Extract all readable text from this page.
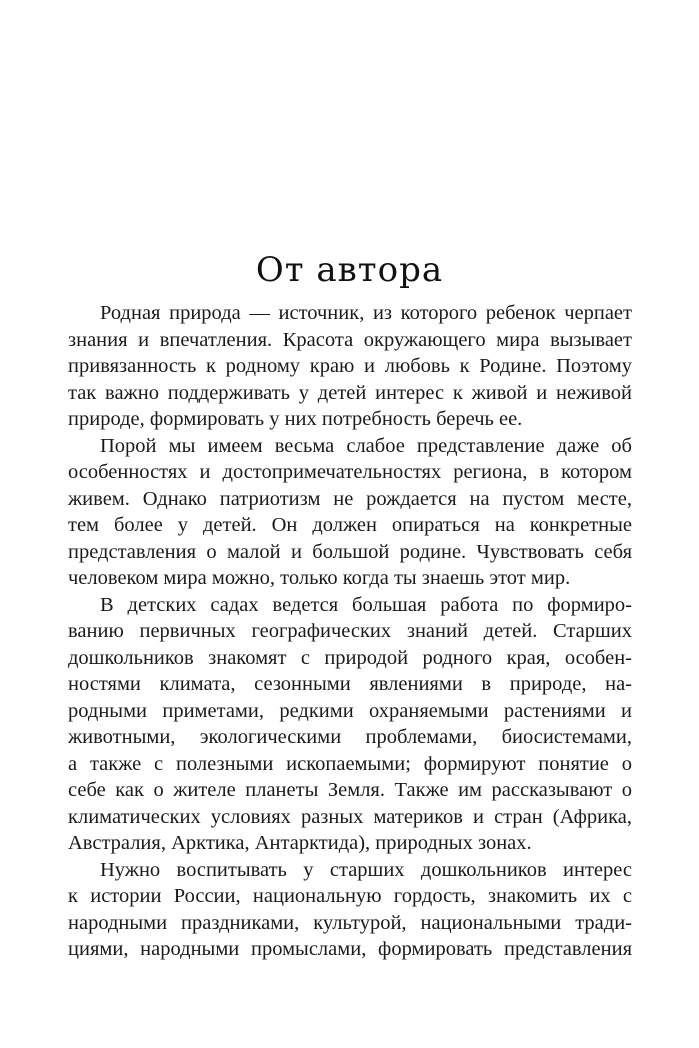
От автора

Родная природа — источник, из которого ребенок черпает
знания и впечатления. Красота окружающего мира вызывает
привязанность к родному краю и любовь к Родине. Поэтому
так важно поддерживать у детей интерес к живой и неживой
природе, формировать у них потребность беречь ее.

Порой мы имеем весьма слабое представление даже об
особенностях и достопримечательностях региона, в котором
живем. Однако патриотизм не рождается на пустом месте,
тем более у детей. Он должен опираться на конкретные
представления о малой и большой родине. Чувствовать себя
человеком мира можно, только когда ты знаешь этот мир.

В детских садах ведется большая работа по формиро-
ванию первичных географических знаний детей. Старших
дошкольников знакомят с природой родного края, особен-
ностями климата, сезонными явлениями в природе, на-
родными приметами, редкими охраняемыми растениями и
животными, экологическими проблемами, биосистемами,
а также с полезными ископаемыми; формируют понятие о
себе как о жителе планеты Земля. Также им рассказывают о
климатических условиях разных материков и стран (Африка,
Австралия, Арктика, Антарктида), природных зонах.

Нужно воспитывать у старших дошкольников интерес
к истории России, национальную гордость, знакомить их с
народными праздниками, культурой, национальными тради-
циями, народными промыслами, формировать представления
